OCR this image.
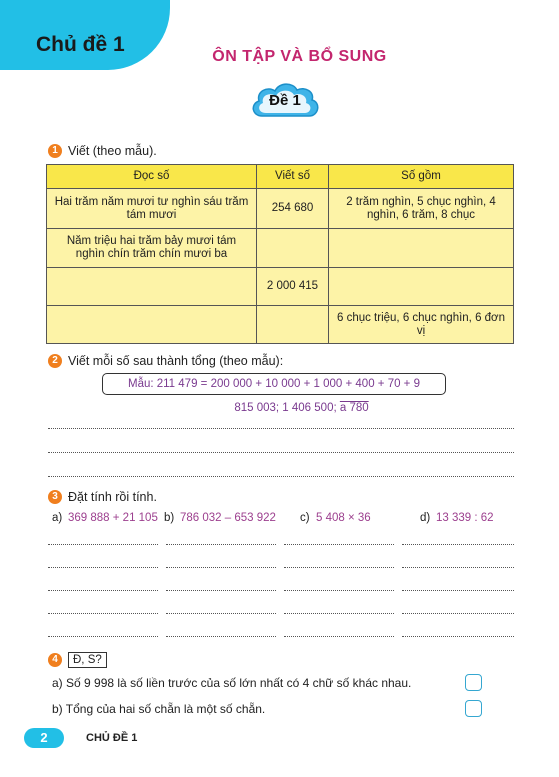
Chủ đề 1
ÔN TẬP VÀ BỔ SUNG
Đề 1
1 Viết (theo mẫu).
Đọc số	Viết số	Số gồm
Hai trăm năm mươi tư nghìn sáu trăm tám mươi	254 680	2 trăm nghìn, 5 chục nghìn, 4 nghìn, 6 trăm, 8 chục
Năm triệu hai trăm bảy mươi tám nghìn chín trăm chín mươi ba		
	2 000 415	
		6 chục triệu, 6 chục nghìn, 6 đơn vị
2 Viết mỗi số sau thành tổng (theo mẫu):
Mẫu: 211 479 = 200 000 + 10 000 + 1 000 + 400 + 70 + 9
815 003; 1 406 500; a 780
3 Đặt tính rồi tính.
a) 369 888 + 21 105 b) 786 032 – 653 922 c) 5 408 × 36	d) 13 339 : 62
4	Đ, S?
a) Số 9 998 là số liền trước của số lớn nhất có 4 chữ số khác nhau.
b) Tổng của hai số chẵn là một số chẵn.
2	CHỦ ĐỀ 1
